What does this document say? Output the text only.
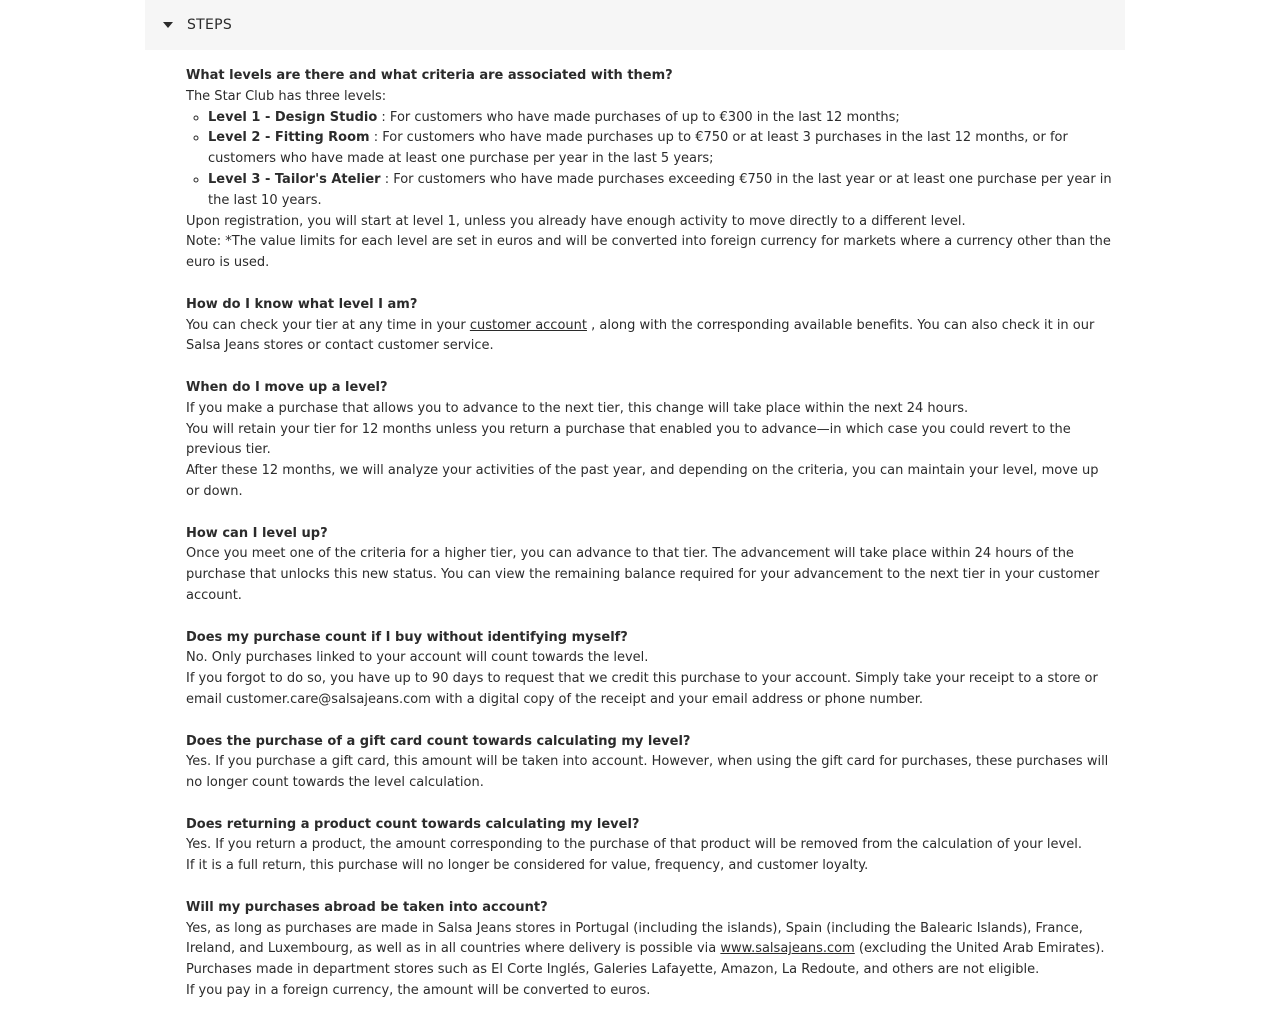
STEPS

What levels are there and what criteria are associated with them?

The Star Club has three levels:

◦ Level 1 - Design Studio : For customers who have made purchases of up to €300 in the last 12 months;
◦ Level 2 - Fitting Room : For customers who have made purchases up to €750 or at least 3 purchases in the last 12 months, or for customers who have made at least one purchase per year in the last 5 years;
◦ Level 3 - Tailor's Atelier : For customers who have made purchases exceeding €750 in the last year or at least one purchase per year in the last 10 years.

Upon registration, you will start at level 1, unless you already have enough activity to move directly to a different level.

Note: *The value limits for each level are set in euros and will be converted into foreign currency for markets where a currency other than the euro is used.

How do I know what level I am?

You can check your tier at any time in your customer account , along with the corresponding available benefits. You can also check it in our Salsa Jeans stores or contact customer service.

When do I move up a level?

If you make a purchase that allows you to advance to the next tier, this change will take place within the next 24 hours.

You will retain your tier for 12 months unless you return a purchase that enabled you to advance—in which case you could revert to the previous tier.

After these 12 months, we will analyze your activities of the past year, and depending on the criteria, you can maintain your level, move up or down.

How can I level up?

Once you meet one of the criteria for a higher tier, you can advance to that tier. The advancement will take place within 24 hours of the purchase that unlocks this new status. You can view the remaining balance required for your advancement to the next tier in your customer account.

Does my purchase count if I buy without identifying myself?

No. Only purchases linked to your account will count towards the level.

If you forgot to do so, you have up to 90 days to request that we credit this purchase to your account. Simply take your receipt to a store or email customer.care@salsajeans.com with a digital copy of the receipt and your email address or phone number.

Does the purchase of a gift card count towards calculating my level?

Yes. If you purchase a gift card, this amount will be taken into account. However, when using the gift card for purchases, these purchases will no longer count towards the level calculation.

Does returning a product count towards calculating my level?

Yes. If you return a product, the amount corresponding to the purchase of that product will be removed from the calculation of your level.

If it is a full return, this purchase will no longer be considered for value, frequency, and customer loyalty.

Will my purchases abroad be taken into account?

Yes, as long as purchases are made in Salsa Jeans stores in Portugal (including the islands), Spain (including the Balearic Islands), France, Ireland, and Luxembourg, as well as in all countries where delivery is possible via www.salsajeans.com (excluding the United Arab Emirates). Purchases made in department stores such as El Corte Inglés, Galeries Lafayette, Amazon, La Redoute, and others are not eligible.

If you pay in a foreign currency, the amount will be converted to euros.
